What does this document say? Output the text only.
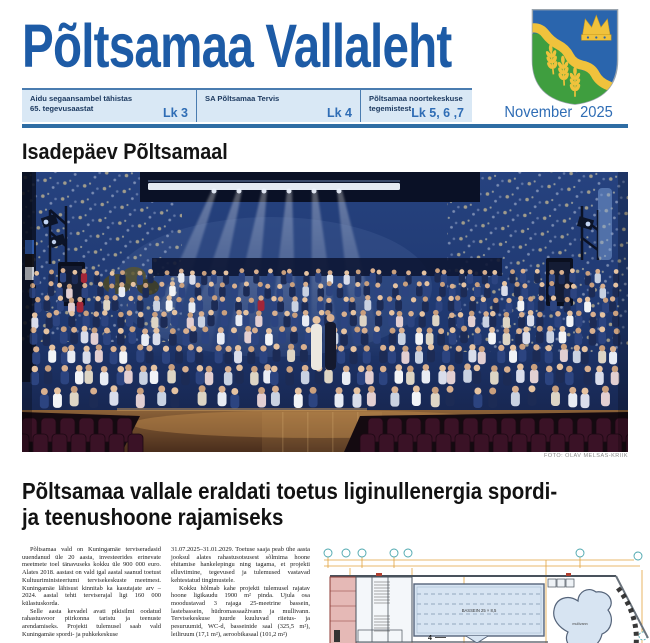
Põltsamaa Vallaleht
Aidu segaansambel tähistas 65. tegevusaastat	Lk 3
SA Põltsamaa Tervis
Lk 4
Põltsamaa noortekeskuse tegemistest Lk 5, 6 ,7	November 2025
Isadepäev Põltsamaal
FOTO: OLAV MELSAS-KRIIK
Põltsamaa vallale eraldati toetus liginullenergia spordi-
ja teenushoone rajamiseks

Põltsamaa vald on Kuningamäe terviseradasid uuendanud üle 20 aasta, investeerides erinevate meetmete toel tänavuseks kokku üle 900 000 euro. Alates 2018. aastast on vald igal aastal saanud toetust Kultuuriministeeriumi tervisekeskuste meetmest. Kuningamäe lähisust kinnitab ka kasutajate arv – 2024. aastal tehti terviserajal ligi 160 000 külastuskorda.

Selle aasta kevadel avati pikisilmi oodatud rahastusvoor piirkonna taristu ja teenuste arendamiseks. Projekti tulemusel saab vald Kuningamäe spordi- ja puhkekeskuse

31.07.2025–31.01.2029. Toetuse saaja peab ühe aasta jooksul alates rahastusotsusest sõlmima hoone ehitamise hankelepingu ning tagama, et projekti elluviimine, tegevused ja tulemused vastavad kehtestatud tingimustele.

Kokku hõlmab kahe projekti tulemusel rajatav hoone ligikaudu 1900 m² pinda. Ujula osa moodustavad 3 rajaga 25-meetrine bassein, lastebassein, hüdromassaaživann ja mullivann. Tervisekeskuse juurde kuuluvad riietus- ja pesuruumid, WC-d, basseinide saal (325,5 m²), leiliruum (17,1 m²), aeroobikasaal (101,2 m²)

BASSEIN 25 × 8,5
mullivann
4
